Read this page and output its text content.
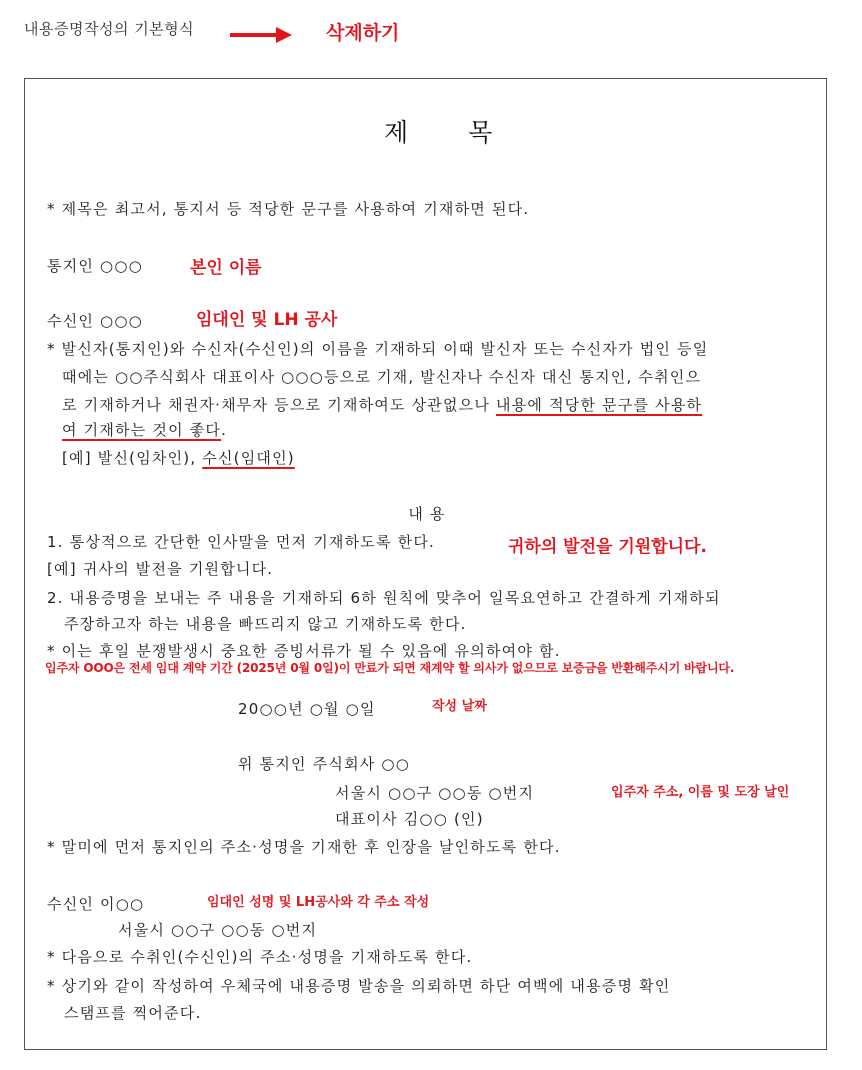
내용증명작성의 기본형식	삭제하기
제 목
* 제목은 최고서, 통지서 등 적당한 문구를 사용하여 기재하면 된다.
통지인 ○○○	본인 이름
수신인 ○○○	임대인 및 LH 공사
* 발신자(통지인)와 수신자(수신인)의 이름을 기재하되 이때 발신자 또는 수신자가 법인 등일
때에는 ○○주식회사 대표이사 ○○○등으로 기재, 발신자나 수신자 대신 통지인, 수취인으
로 기재하거나 채권자·채무자 등으로 기재하여도 상관없으나 내용에 적당한 문구를 사용하
여 기재하는 것이 좋다.
[예] 발신(임차인), 수신(임대인)
내 용
1. 통상적으로 간단한 인사말을 먼저 기재하도록 한다.	귀하의 발전을 기원합니다.
[예] 귀사의 발전을 기원합니다.
2. 내용증명을 보내는 주 내용을 기재하되 6하 원칙에 맞추어 일목요연하고 간결하게 기재하되
주장하고자 하는 내용을 빠뜨리지 않고 기재하도록 한다.
* 이는 후일 분쟁발생시 중요한 증빙서류가 될 수 있음에 유의하여야 함.
입주자 OOO은 전세 임대 계약 기간 (2025년 0월 0일)이 만료가 되면 재계약 할 의사가 없으므로 보증금을 반환해주시기 바랍니다.
20○○년 ○월 ○일	작성 날짜
위 통지인 주식회사 ○○
서울시 ○○구 ○○동 ○번지	입주자 주소, 이름 및 도장 날인
대표이사 김○○ (인)
* 말미에 먼저 통지인의 주소·성명을 기재한 후 인장을 날인하도록 한다.
수신인 이○○	임대인 성명 및 LH공사와 각 주소 작성
서울시 ○○구 ○○동 ○번지
* 다음으로 수취인(수신인)의 주소·성명을 기재하도록 한다.
* 상기와 같이 작성하여 우체국에 내용증명 발송을 의뢰하면 하단 여백에 내용증명 확인
스탬프를 찍어준다.
